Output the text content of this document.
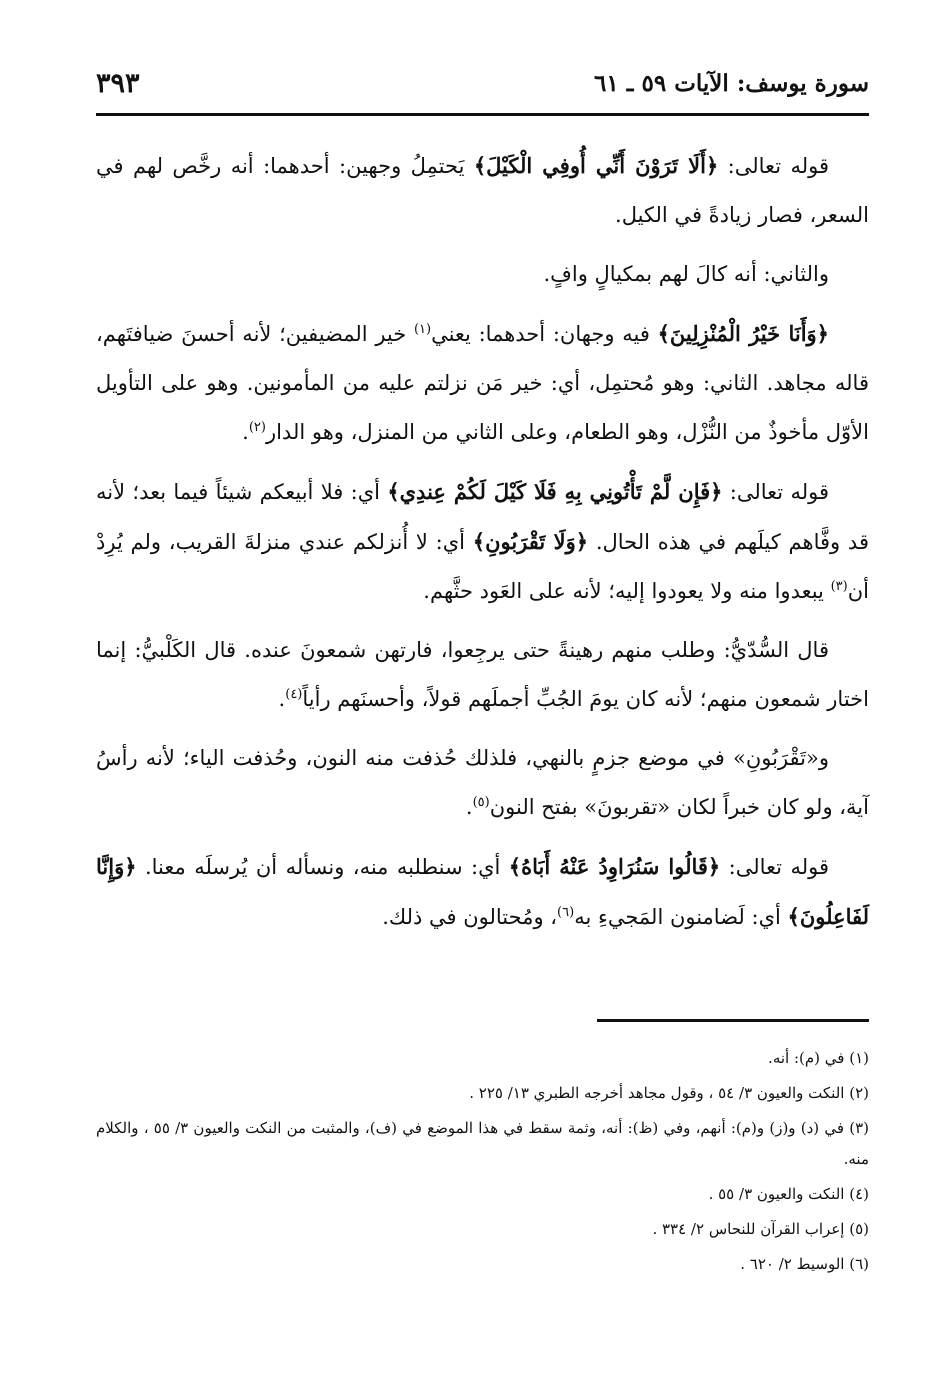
سورة يوسف: الآيات ٥٩ ـ ٦١
٣٩٣

قوله تعالى: ﴿أَلَا تَرَوْنَ أَنِّي أُوفِي الْكَيْلَ﴾ يَحتمِلُ وجهين: أحدهما: أنه رخَّص لهم في السعر، فصار زيادةً في الكيل.

والثاني: أنه كالَ لهم بمكيالٍ وافٍ.

﴿وَأَنَا خَيْرُ الْمُنْزِلِينَ﴾ فيه وجهان: أحدهما: يعني$^{(١)}$ خير المضيفين؛ لأنه أحسنَ ضيافتَهم، قاله مجاهد. الثاني: وهو مُحتمِل، أي: خير مَن نزلتم عليه من المأمونين. وهو على التأويل الأوّل مأخوذٌ من النُّزْل، وهو الطعام، وعلى الثاني من المنزل، وهو الدار$^{(٢)}$.

قوله تعالى: ﴿فَإِن لَّمْ تَأْتُونِي بِهِ فَلَا كَيْلَ لَكُمْ عِندِي﴾ أي: فلا أبيعكم شيئاً فيما بعد؛ لأنه قد وفَّاهم كيلَهم في هذه الحال. ﴿وَلَا تَقْرَبُونِ﴾ أي: لا أُنزلكم عندي منزلةَ القريب، ولم يُرِدْ أن$^{(٣)}$ يبعدوا منه ولا يعودوا إليه؛ لأنه على العَود حثَّهم.

قال السُّدّيُّ: وطلب منهم رهينةً حتى يرجِعوا، فارتهن شمعونَ عنده. قال الكَلْبيُّ: إنما اختار شمعون منهم؛ لأنه كان يومَ الجُبِّ أجملَهم قولاً، وأحسنَهم رأياً$^{(٤)}$.

و«تَقْرَبُونِ» في موضع جزمٍ بالنهي، فلذلك حُذفت منه النون، وحُذفت الياء؛ لأنه رأسُ آية، ولو كان خبراً لكان «تقربونَ» بفتح النون$^{(٥)}$.

قوله تعالى: ﴿قَالُوا سَنُرَاوِدُ عَنْهُ أَبَاهُ﴾ أي: سنطلبه منه، ونسأله أن يُرسلَه معنا. ﴿وَإِنَّا لَفَاعِلُونَ﴾ أي: لَضامنون المَجيءِ به$^{(٦)}$، ومُحتالون في ذلك.

(١) في (م): أنه.

(٢) النكت والعيون ٣/ ٥٤ ، وقول مجاهد أخرجه الطبري ١٣/ ٢٢٥ .

(٣) في (د) و(ز) و(م): أنهم، وفي (ظ): أنه، وثمة سقط في هذا الموضع في (ف)، والمثبت من النكت والعيون ٣/ ٥٥ ، والكلام منه.

(٤) النكت والعيون ٣/ ٥٥ .

(٥) إعراب القرآن للنحاس ٢/ ٣٣٤ .

(٦) الوسيط ٢/ ٦٢٠ .
